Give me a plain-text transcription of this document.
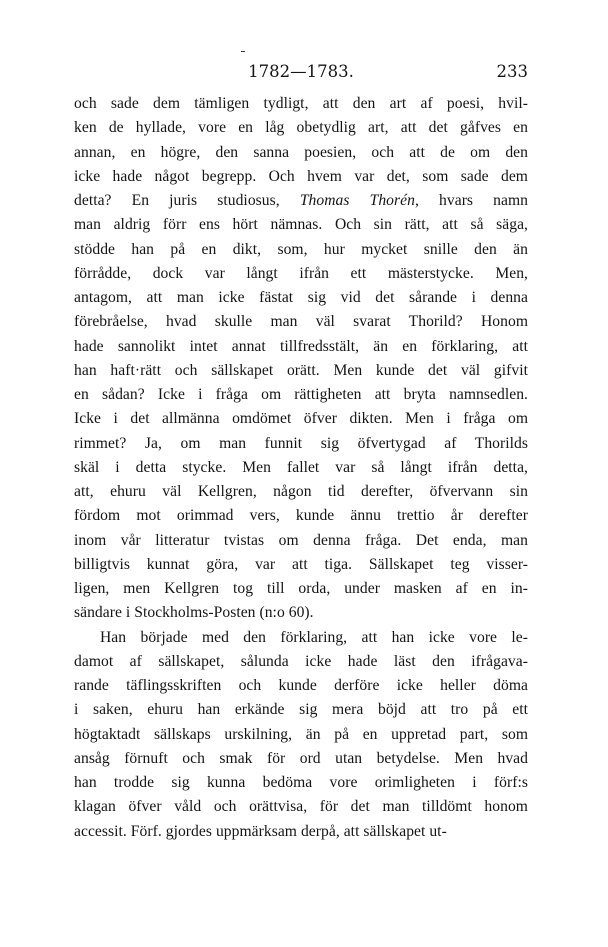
1782—1783.	233
och sade dem tämligen tydligt, att den art af poesi, hvil-
ken de hyllade, vore en låg obetydlig art, att det gåfves en
annan, en högre, den sanna poesien, och att de om den
icke hade något begrepp. Och hvem var det, som sade dem
detta? En juris studiosus, Thomas Thorén, hvars namn
man aldrig förr ens hört nämnas. Och sin rätt, att så säga,
stödde han på en dikt, som, hur mycket snille den än
förrådde, dock var långt ifrån ett mästerstycke. Men,
antagom, att man icke fästat sig vid det sårande i denna
förebråelse, hvad skulle man väl svarat Thorild? Honom
hade sannolikt intet annat tillfredsstält, än en förklaring, att
han haft·rätt och sällskapet orätt. Men kunde det väl gifvit
en sådan? Icke i fråga om rättigheten att bryta namnsedlen.
Icke i det allmänna omdömet öfver dikten. Men i fråga om
rimmet? Ja, om man funnit sig öfvertygad af Thorilds
skäl i detta stycke. Men fallet var så långt ifrån detta,
att, ehuru väl Kellgren, någon tid derefter, öfvervann sin
fördom mot orimmad vers, kunde ännu trettio år derefter
inom vår litteratur tvistas om denna fråga. Det enda, man
billigtvis kunnat göra, var att tiga. Sällskapet teg visser-
ligen, men Kellgren tog till orda, under masken af en in-
sändare i Stockholms-Posten (n:o 60).
Han började med den förklaring, att han icke vore le-
damot af sällskapet, sålunda icke hade läst den ifrågava-
rande täflingsskriften och kunde derföre icke heller döma
i saken, ehuru han erkände sig mera böjd att tro på ett
högtaktadt sällskaps urskilning, än på en uppretad part, som
ansåg förnuft och smak för ord utan betydelse. Men hvad
han trodde sig kunna bedöma vore orimligheten i förf:s
klagan öfver våld och orättvisa, för det man tilldömt honom
accessit. Förf. gjordes uppmärksam derpå, att sällskapet ut-
